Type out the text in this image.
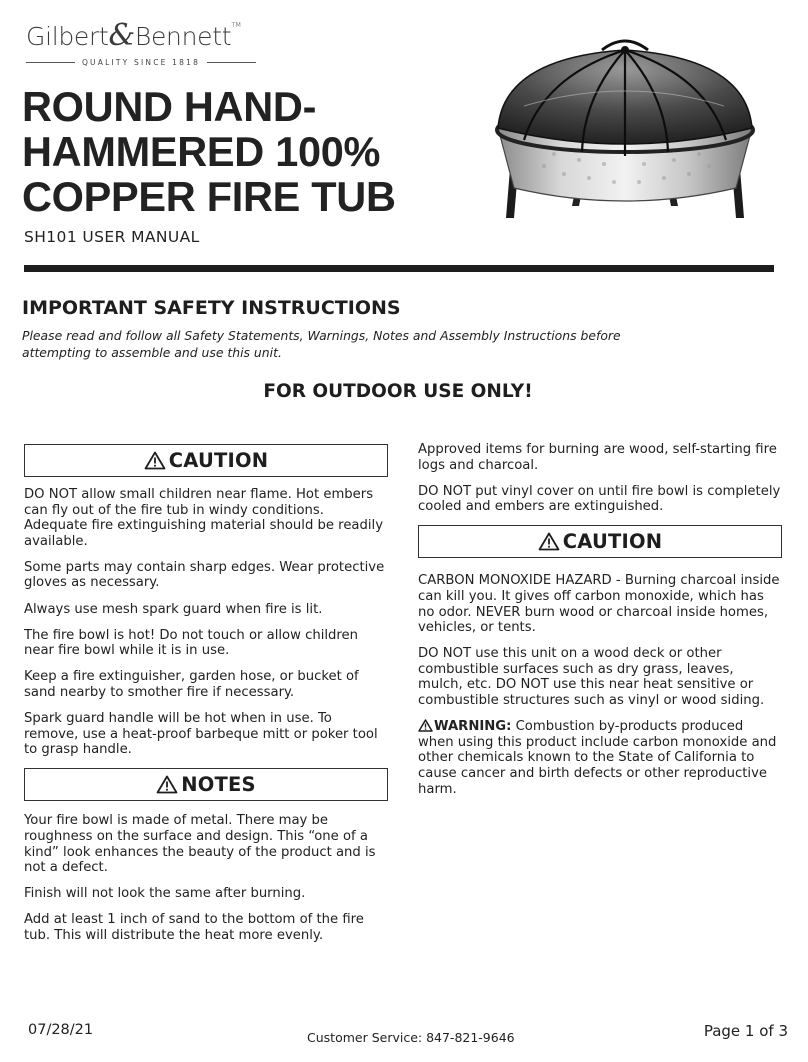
Gilbert&Bennett™
QUALITY SINCE 1818
ROUND HAND-HAMMERED 100% COPPER FIRE TUB
SH101 USER MANUAL
IMPORTANT SAFETY INSTRUCTIONS
Please read and follow all Safety Statements, Warnings, Notes and Assembly Instructions before attempting to assemble and use this unit.
FOR OUTDOOR USE ONLY!
CAUTION

DO NOT allow small children near flame. Hot embers can fly out of the fire tub in windy conditions. Adequate fire extinguishing material should be readily available.

Some parts may contain sharp edges. Wear protective gloves as necessary.

Always use mesh spark guard when fire is lit.

The fire bowl is hot! Do not touch or allow children near fire bowl while it is in use.

Keep a fire extinguisher, garden hose, or bucket of sand nearby to smother fire if necessary.

Spark guard handle will be hot when in use. To remove, use a heat-proof barbeque mitt or poker tool to grasp handle.

NOTES

Your fire bowl is made of metal. There may be roughness on the surface and design. This “one of a kind” look enhances the beauty of the product and is not a defect.

Finish will not look the same after burning.

Add at least 1 inch of sand to the bottom of the fire tub. This will distribute the heat more evenly.

Approved items for burning are wood, self-starting fire logs and charcoal.

DO NOT put vinyl cover on until fire bowl is completely cooled and embers are extinguished.

CAUTION

CARBON MONOXIDE HAZARD - Burning charcoal inside can kill you. It gives off carbon monoxide, which has no odor. NEVER burn wood or charcoal inside homes, vehicles, or tents.

DO NOT use this unit on a wood deck or other combustible surfaces such as dry grass, leaves, mulch, etc. DO NOT use this near heat sensitive or combustible structures such as vinyl or wood siding.

WARNING: Combustion by-products produced when using this product include carbon monoxide and other chemicals known to the State of California to cause cancer and birth defects or other reproductive harm.

07/28/21	Customer Service: 847-821-9646	Page 1 of 3
